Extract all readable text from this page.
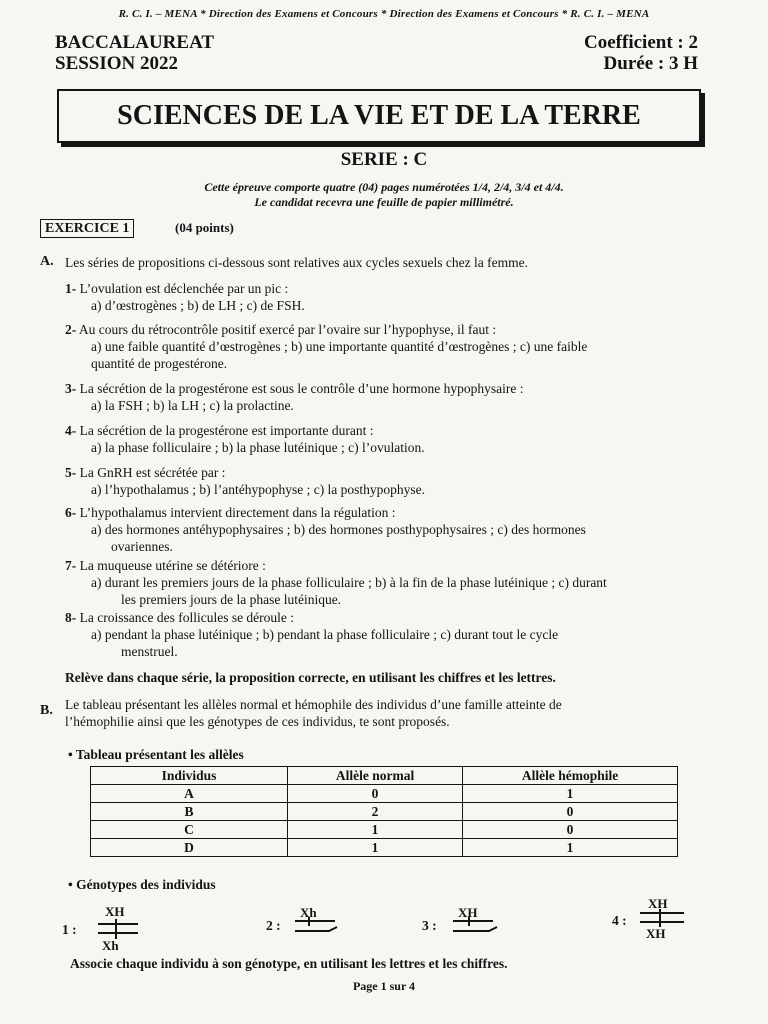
R. C. I. – MENA * Direction des Examens et Concours * Direction des Examens et Concours * R. C. I. – MENA
BACCALAUREAT
SESSION 2022
Coefficient : 2
Durée : 3 H
SCIENCES DE LA VIE ET DE LA TERRE
SERIE : C
Cette épreuve comporte quatre (04) pages numérotées 1/4, 2/4, 3/4 et 4/4.
Le candidat recevra une feuille de papier millimétré.
EXERCICE 1	(04 points)
A. Les séries de propositions ci-dessous sont relatives aux cycles sexuels chez la femme.
1- L’ovulation est déclenchée par un pic :
a) d’œstrogènes ; b) de LH ; c) de FSH.
2- Au cours du rétrocontrôle positif exercé par l’ovaire sur l’hypophyse, il faut :
a) une faible quantité d’œstrogènes ; b) une importante quantité d’œstrogènes ; c) une faible
quantité de progestérone.
3- La sécrétion de la progestérone est sous le contrôle d’une hormone hypophysaire :
a) la FSH ; b) la LH ; c) la prolactine.
4- La sécrétion de la progestérone est importante durant :
a) la phase folliculaire ; b) la phase lutéinique ; c) l’ovulation.
5- La GnRH est sécrétée par :
a) l’hypothalamus ; b) l’antéhypophyse ; c) la posthypophyse.
6- L’hypothalamus intervient directement dans la régulation :
a) des hormones antéhypophysaires ; b) des hormones posthypophysaires ; c) des hormones
ovariennes.
7- La muqueuse utérine se détériore :
a) durant les premiers jours de la phase folliculaire ; b) à la fin de la phase lutéinique ; c) durant
les premiers jours de la phase lutéinique.
8- La croissance des follicules se déroule :
a) pendant la phase lutéinique ; b) pendant la phase folliculaire ; c) durant tout le cycle
menstruel.
Relève dans chaque série, la proposition correcte, en utilisant les chiffres et les lettres.
B. Le tableau présentant les allèles normal et hémophile des individus d’une famille atteinte de
l’hémophilie ainsi que les génotypes de ces individus, te sont proposés.
• Tableau présentant les allèles
Individus	Allèle normal	Allèle hémophile
A	0	1
B	2	0
C	1	0
D	1	1
• Génotypes des individus
1 :
XH
Xh
2 :
Xh
3 :
XH
4 :
XH
XH
Associe chaque individu à son génotype, en utilisant les lettres et les chiffres.
Page 1 sur 4
